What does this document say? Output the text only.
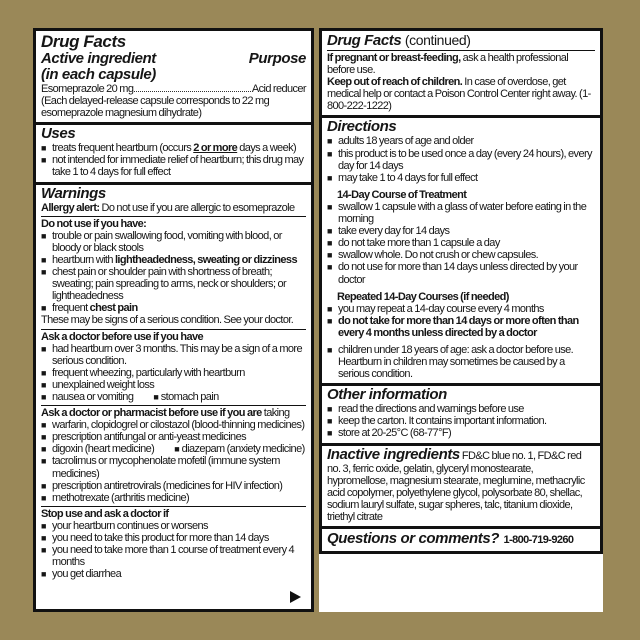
Drug Facts
Active ingredient	Purpose
(in each capsule)
Esomeprazole 20 mg	Acid reducer
(Each delayed-release capsule corresponds to 22 mg esomeprazole magnesium dihydrate)
Uses
■ treats frequent heartburn (occurs 2 or more days a week)
■ not intended for immediate relief of heartburn; this drug may take 1 to 4 days for full effect
Warnings
Allergy alert: Do not use if you are allergic to esomeprazole
Do not use if you have:
■ trouble or pain swallowing food, vomiting with blood, or bloody or black stools
■ heartburn with lightheadedness, sweating or dizziness
■ chest pain or shoulder pain with shortness of breath; sweating; pain spreading to arms, neck or shoulders; or lightheadedness
■ frequent chest pain
These may be signs of a serious condition. See your doctor.
Ask a doctor before use if you have
■ had heartburn over 3 months. This may be a sign of a more serious condition.
■ frequent wheezing, particularly with heartburn
■ unexplained weight loss
■ nausea or vomiting ■ stomach pain
Ask a doctor or pharmacist before use if you are taking
■ warfarin, clopidogrel or cilostazol (blood-thinning medicines)
■ prescription antifungal or anti-yeast medicines
■ digoxin (heart medicine) ■ diazepam (anxiety medicine)
■ tacrolimus or mycophenolate mofetil (immune system medicines)
■ prescription antiretrovirals (medicines for HIV infection)
■ methotrexate (arthritis medicine)
Stop use and ask a doctor if
■ your heartburn continues or worsens
■ you need to take this product for more than 14 days
■ you need to take more than 1 course of treatment every 4 months
■ you get diarrhea
Drug Facts (continued)
If pregnant or breast-feeding, ask a health professional before use.
Keep out of reach of children. In case of overdose, get medical help or contact a Poison Control Center right away. (1-800-222-1222)
Directions
■ adults 18 years of age and older
■ this product is to be used once a day (every 24 hours), every day for 14 days
■ may take 1 to 4 days for full effect
14-Day Course of Treatment
■ swallow 1 capsule with a glass of water before eating in the morning
■ take every day for 14 days
■ do not take more than 1 capsule a day
■ swallow whole. Do not crush or chew capsules.
■ do not use for more than 14 days unless directed by your doctor
Repeated 14-Day Courses (if needed)
■ you may repeat a 14-day course every 4 months
■ do not take for more than 14 days or more often than every 4 months unless directed by a doctor
■ children under 18 years of age: ask a doctor before use. Heartburn in children may sometimes be caused by a serious condition.
Other information
■ read the directions and warnings before use
■ keep the carton. It contains important information.
■ store at 20-25°C (68-77°F)
Inactive ingredients FD&C blue no. 1, FD&C red no. 3, ferric oxide, gelatin, glyceryl monostearate, hypromellose, magnesium stearate, meglumine, methacrylic acid copolymer, polyethylene glycol, polysorbate 80, shellac, sodium lauryl sulfate, sugar spheres, talc, titanium dioxide, triethyl citrate
Questions or comments? 1-800-719-9260
